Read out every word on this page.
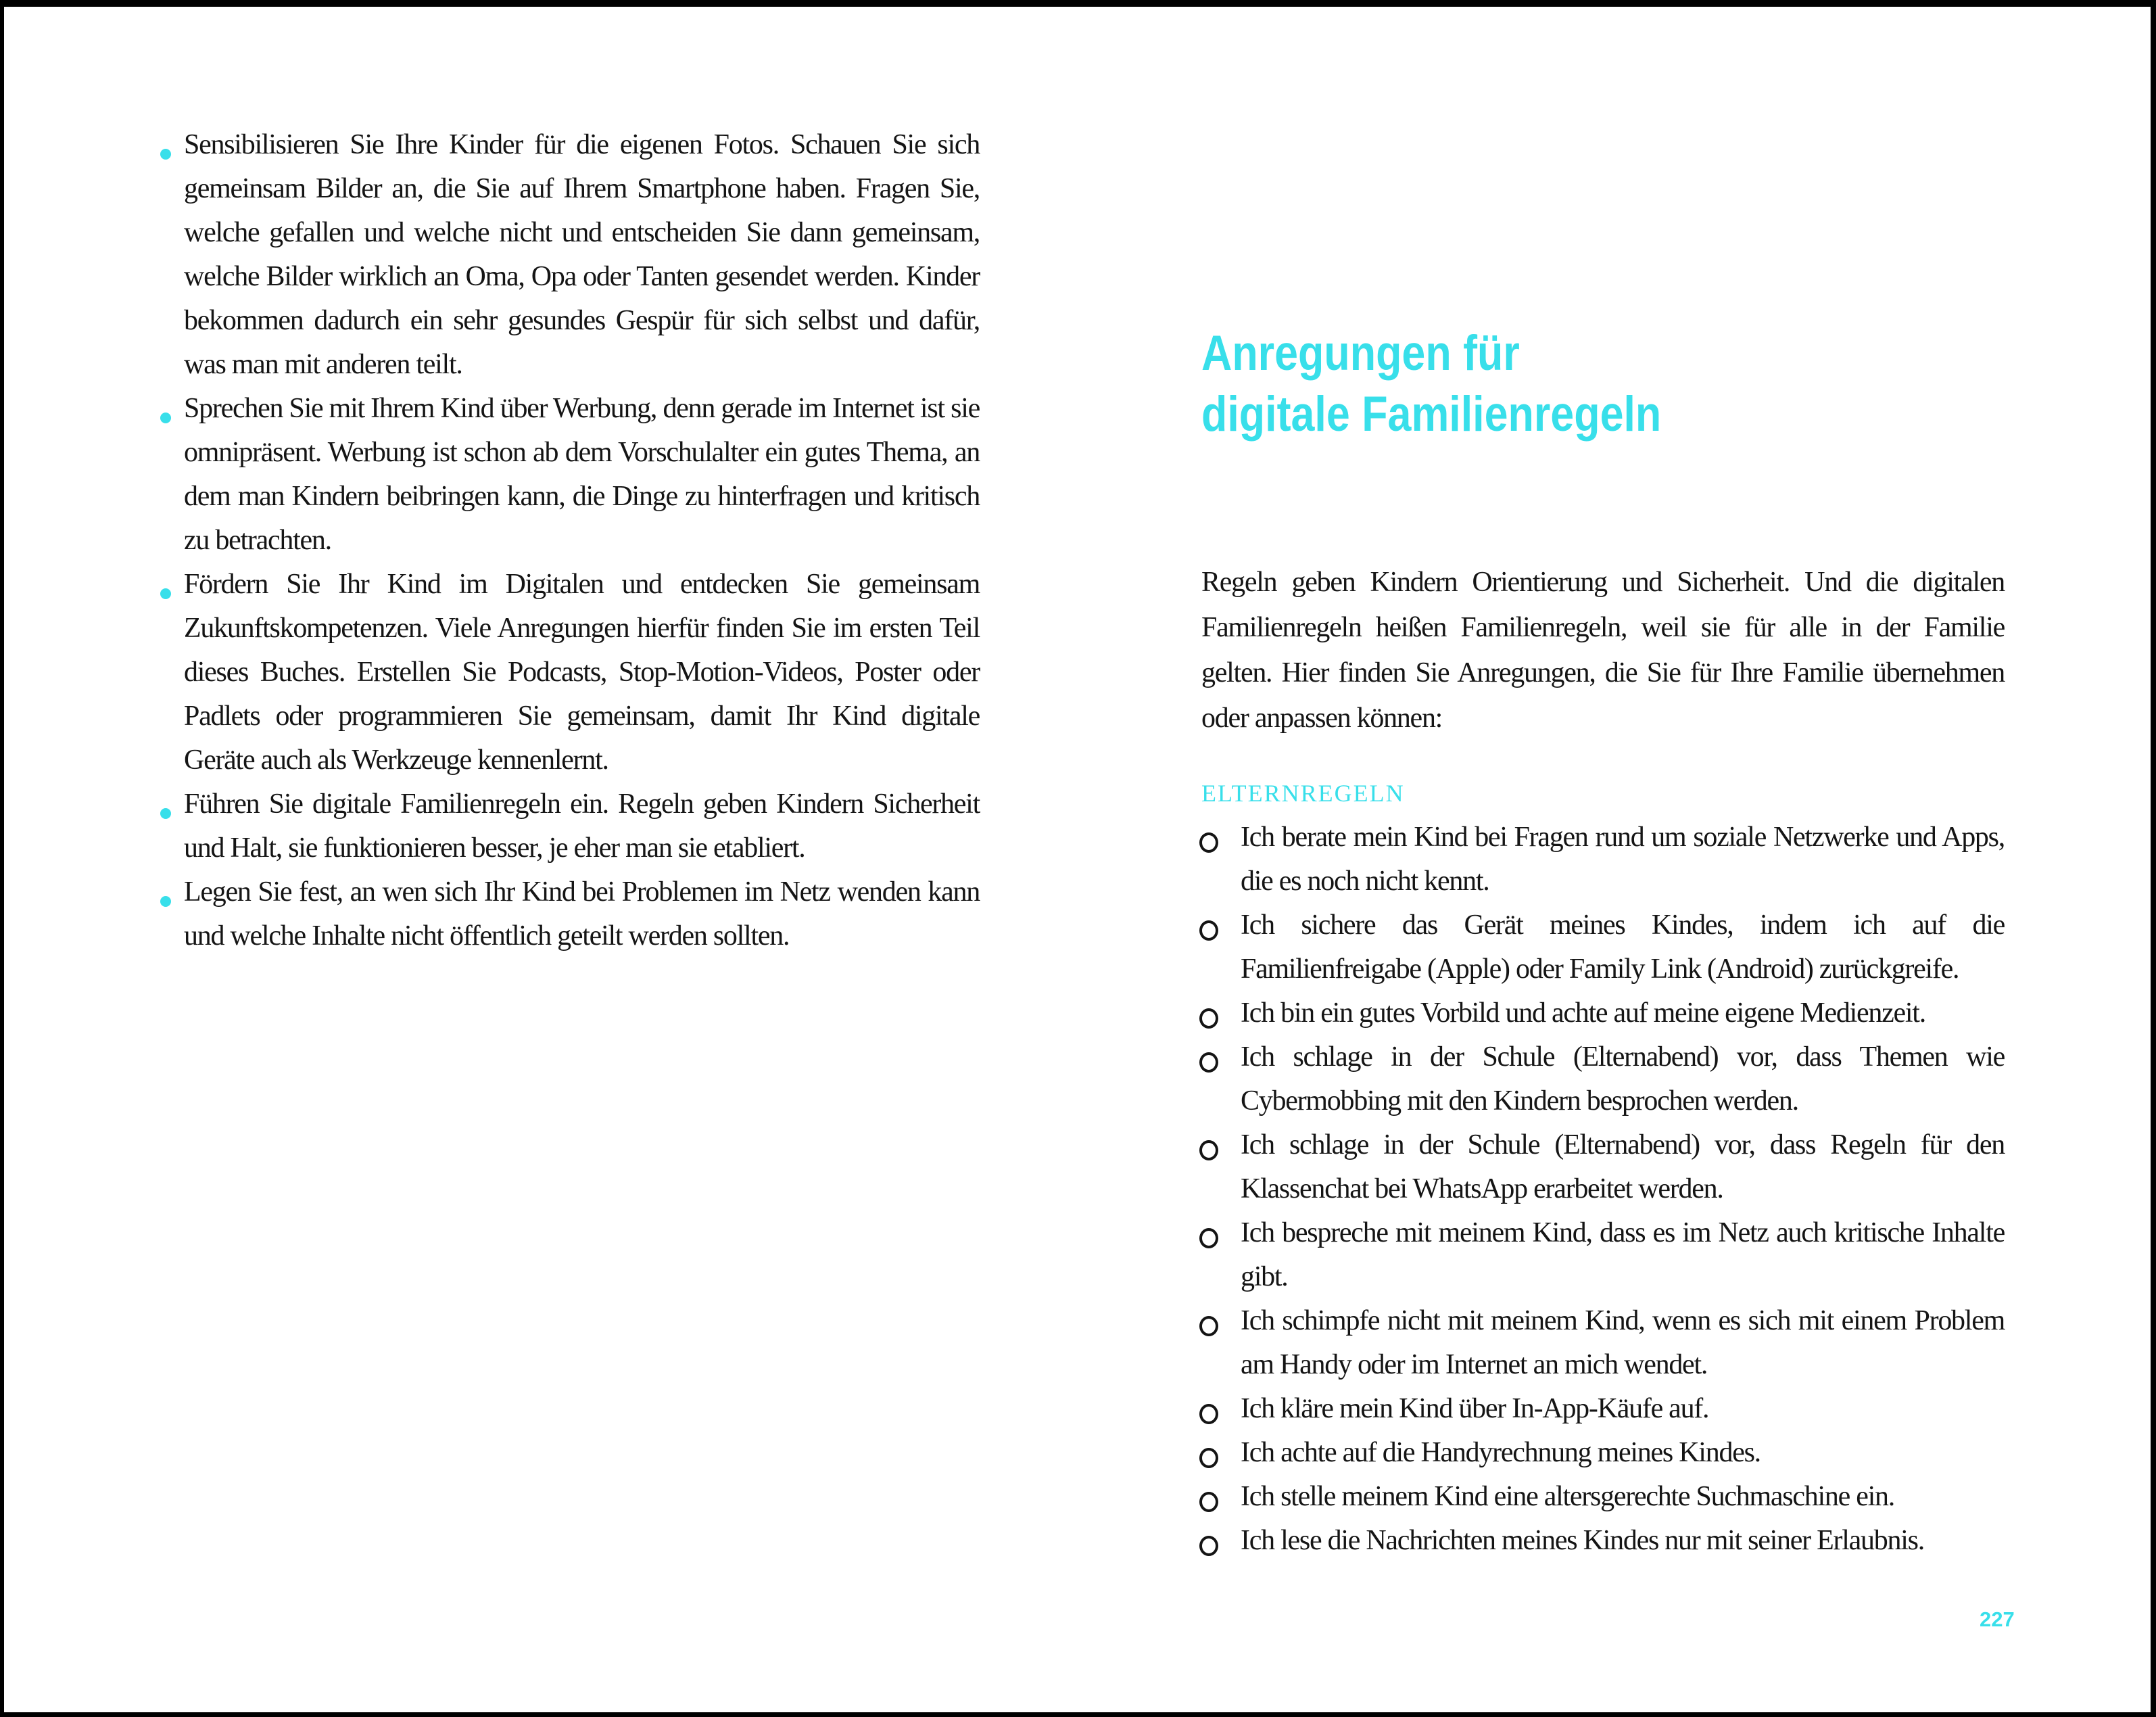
Sensibilisieren Sie Ihre Kinder für die eigenen Fotos. Schauen Sie sich gemeinsam Bilder an, die Sie auf Ihrem Smartphone haben. Fragen Sie, welche gefallen und welche nicht und entscheiden Sie dann gemeinsam, welche Bilder wirklich an Oma, Opa oder Tanten gesendet werden. Kinder bekommen dadurch ein sehr gesundes Gespür für sich selbst und dafür, was man mit anderen teilt.
Sprechen Sie mit Ihrem Kind über Werbung, denn gerade im Internet ist sie omnipräsent. Werbung ist schon ab dem Vorschulalter ein gutes Thema, an dem man Kindern beibringen kann, die Dinge zu hinterfragen und kritisch zu betrachten.
Fördern Sie Ihr Kind im Digitalen und entdecken Sie gemeinsam Zukunftskompetenzen. Viele Anregungen hierfür finden Sie im ersten Teil dieses Buches. Erstellen Sie Podcasts, Stop-Motion-Videos, Poster oder Padlets oder programmieren Sie gemeinsam, damit Ihr Kind digitale Geräte auch als Werkzeuge kennenlernt.
Führen Sie digitale Familienregeln ein. Regeln geben Kindern Sicherheit und Halt, sie funktionieren besser, je eher man sie etabliert.
Legen Sie fest, an wen sich Ihr Kind bei Problemen im Netz wenden kann und welche Inhalte nicht öffentlich geteilt werden sollten.
Anregungen für
digitale Familienregeln

Regeln geben Kindern Orientierung und Sicherheit. Und die digitalen Familienregeln heißen Familienregeln, weil sie für alle in der Familie gelten. Hier finden Sie Anregungen, die Sie für Ihre Familie übernehmen oder anpassen können:

ELTERNREGELN
Ich berate mein Kind bei Fragen rund um soziale Netzwerke und Apps, die es noch nicht kennt.
Ich sichere das Gerät meines Kindes, indem ich auf die Familienfreigabe (Apple) oder Family Link (Android) zurückgreife.
Ich bin ein gutes Vorbild und achte auf meine eigene Medienzeit.
Ich schlage in der Schule (Elternabend) vor, dass Themen wie Cybermobbing mit den Kindern besprochen werden.
Ich schlage in der Schule (Elternabend) vor, dass Regeln für den Klassenchat bei WhatsApp erarbeitet werden.
Ich bespreche mit meinem Kind, dass es im Netz auch kritische Inhalte gibt.
Ich schimpfe nicht mit meinem Kind, wenn es sich mit einem Problem am Handy oder im Internet an mich wendet.
Ich kläre mein Kind über In-App-Käufe auf.
Ich achte auf die Handyrechnung meines Kindes.
Ich stelle meinem Kind eine altersgerechte Suchmaschine ein.
Ich lese die Nachrichten meines Kindes nur mit seiner Erlaubnis.
227
